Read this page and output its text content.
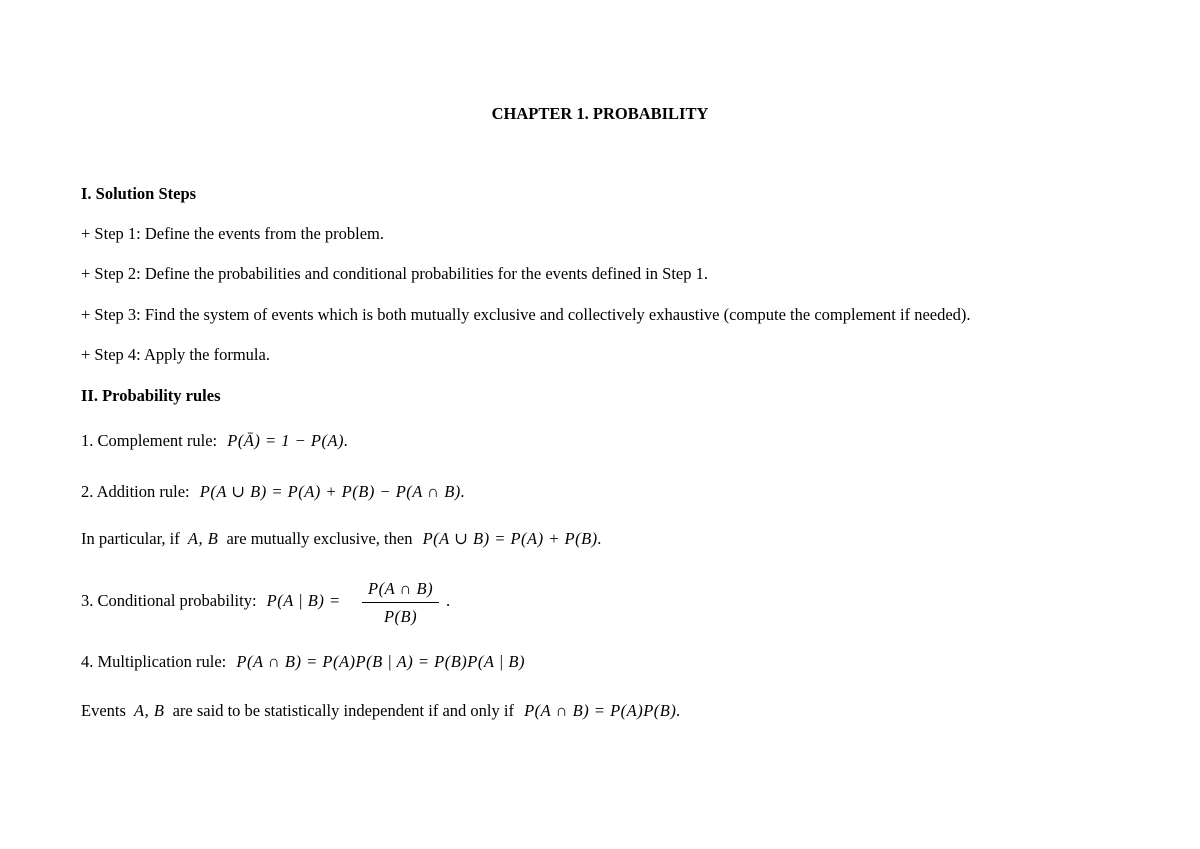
CHAPTER 1. PROBABILITY
I. Solution Steps
+ Step 1: Define the events from the problem.
+ Step 2: Define the probabilities and conditional probabilities for the events defined in Step 1.
+ Step 3: Find the system of events which is both mutually exclusive and collectively exhaustive (compute the complement if needed).
+ Step 4: Apply the formula.
II. Probability rules
1. Complement rule: P(Ā) = 1 − P(A).
2. Addition rule: P(A ∪ B) = P(A) + P(B) − P(A ∩ B).
In particular, if A, B are mutually exclusive, then P(A ∪ B) = P(A) + P(B).
3. Conditional probability: P(A | B) =
P(A ∩ B)
P(B)
.
4. Multiplication rule: P(A ∩ B) = P(A)P(B | A) = P(B)P(A | B)
Events A, B are said to be statistically independent if and only if P(A ∩ B) = P(A)P(B).
